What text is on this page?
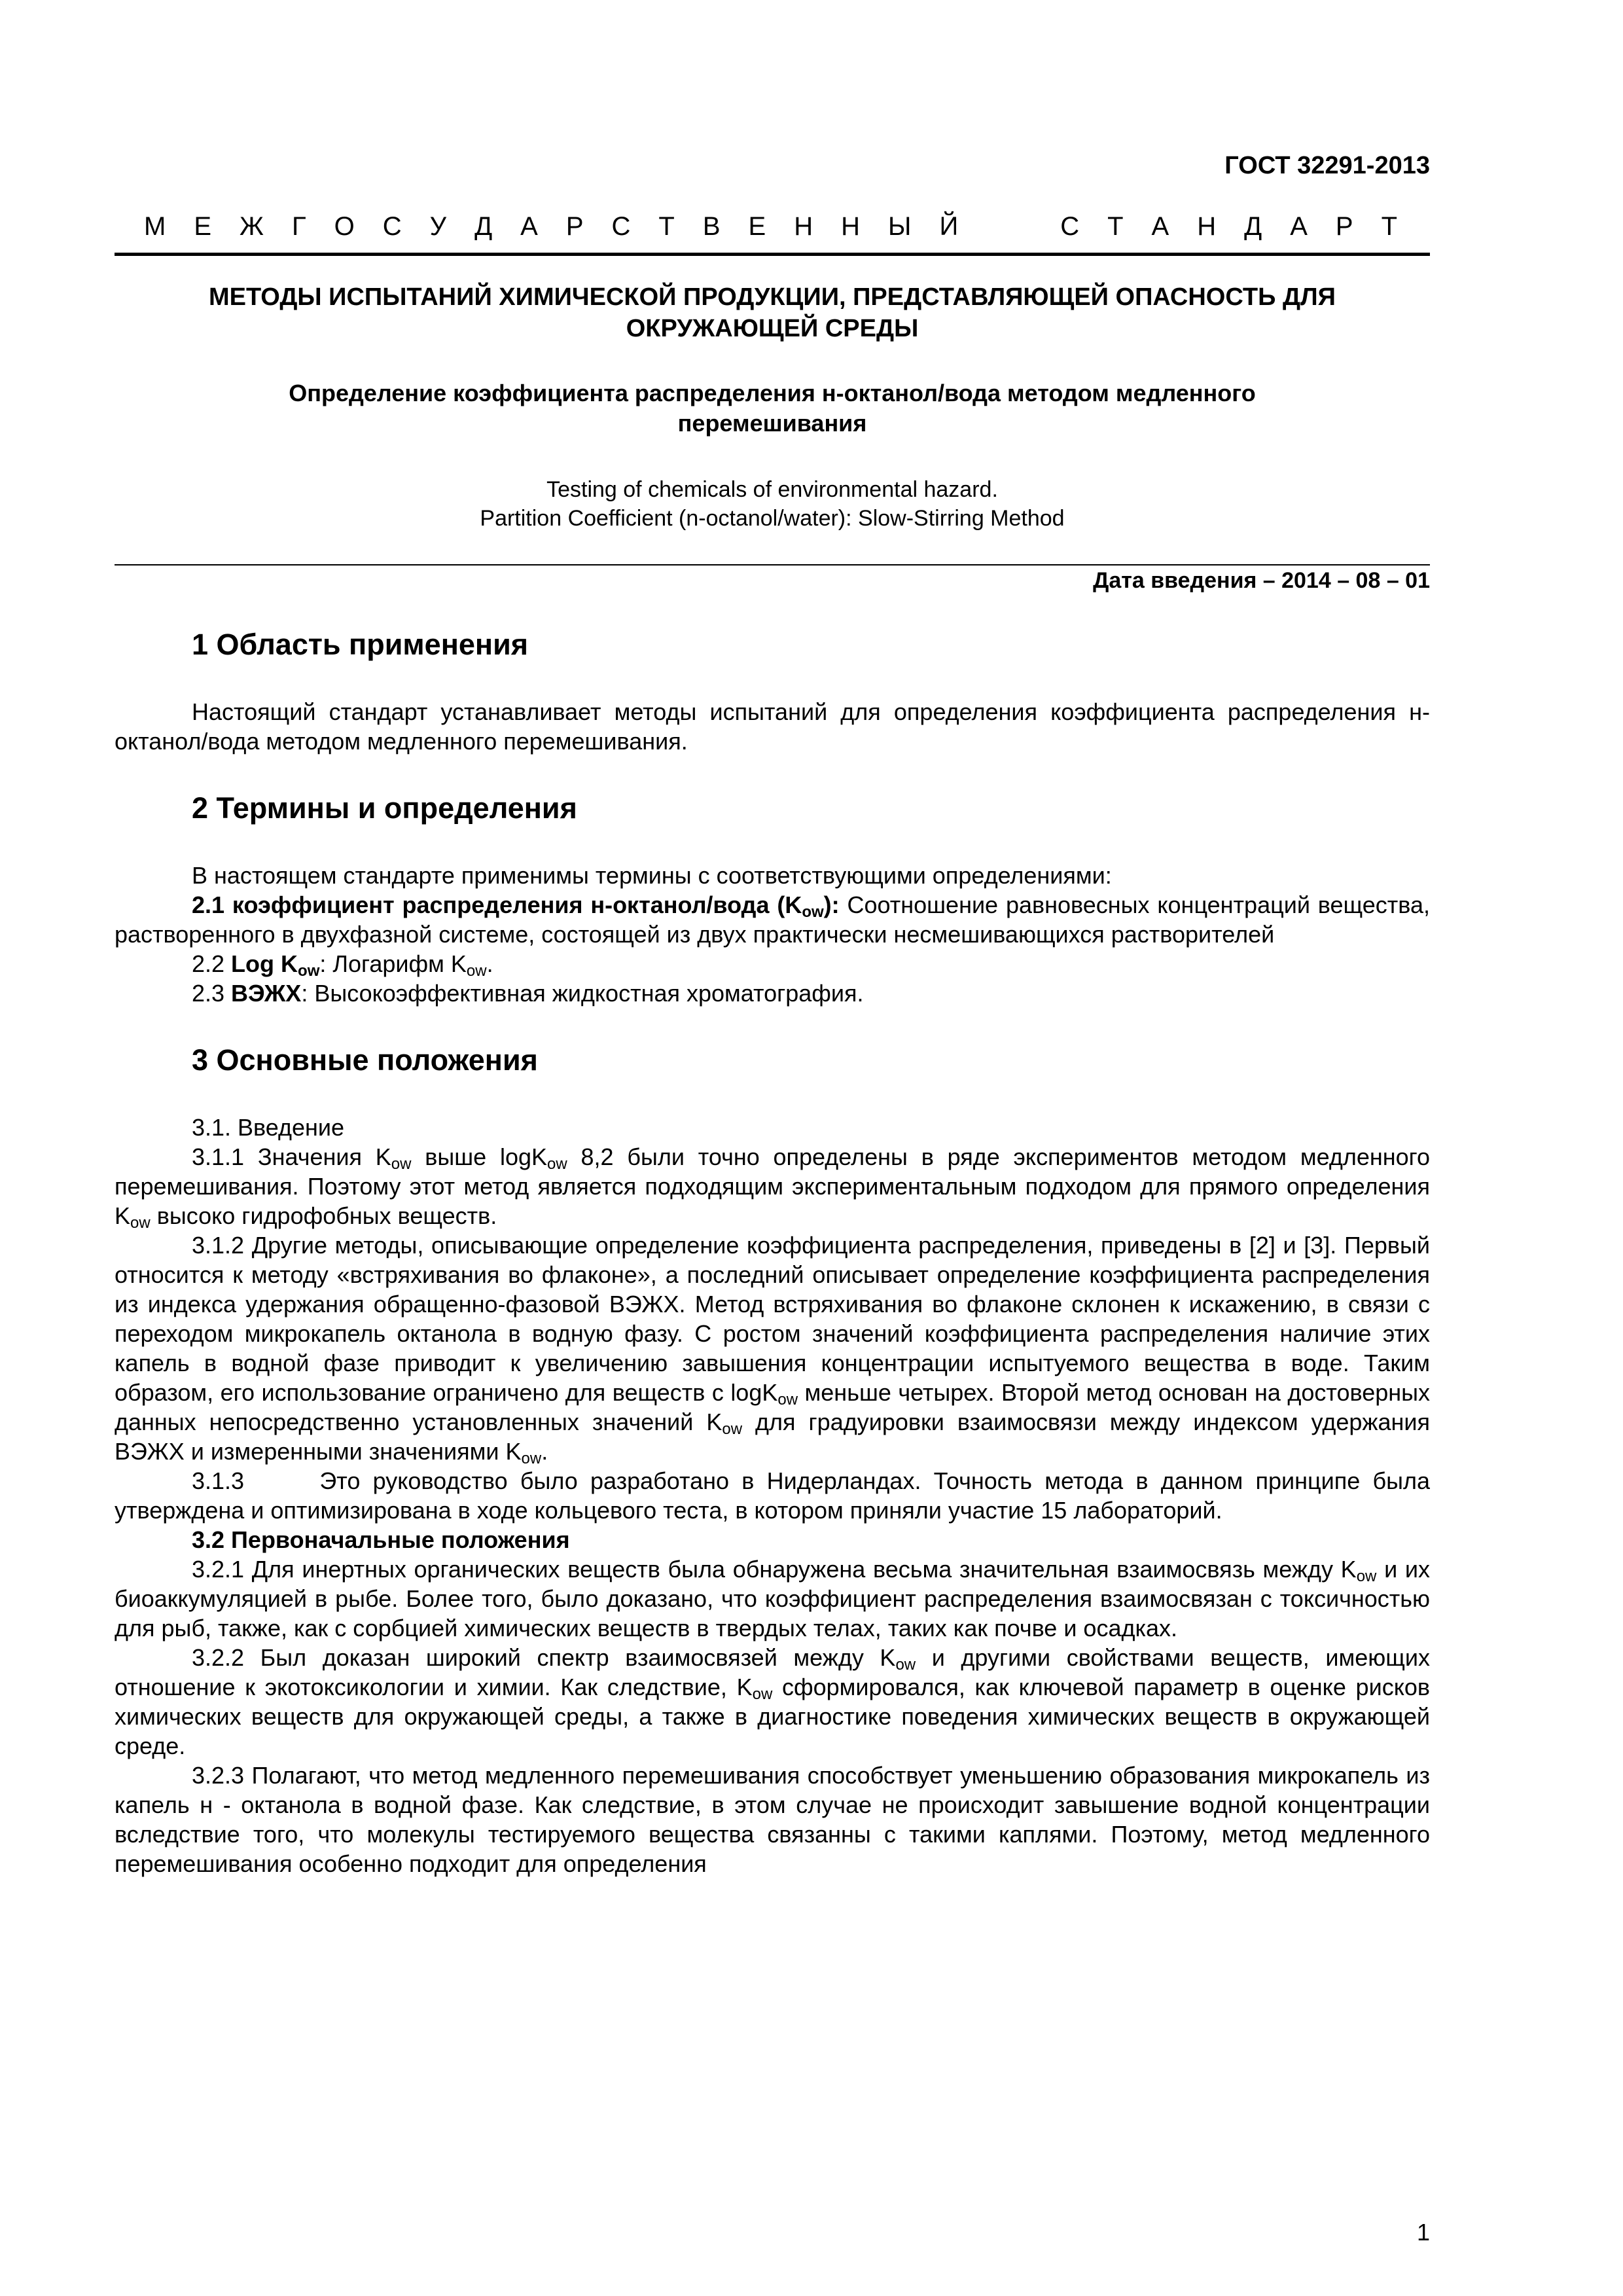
ГОСТ 32291-2013
М Е Ж Г О С У Д А Р С Т В Е Н Н Ы Й	С Т А Н Д А Р Т
МЕТОДЫ ИСПЫТАНИЙ ХИМИЧЕСКОЙ ПРОДУКЦИИ, ПРЕДСТАВЛЯЮЩЕЙ ОПАСНОСТЬ ДЛЯ
ОКРУЖАЮЩЕЙ СРЕДЫ
Определение коэффициента распределения н-октанол/вода методом медленного
перемешивания
Testing of chemicals of environmental hazard.
Partition Coefficient (n-octanol/water): Slow-Stirring Method
Дата введения – 2014 – 08 – 01
1 Область применения

Настоящий стандарт устанавливает методы испытаний для определения коэффициента распределения н-октанол/вода методом медленного перемешивания.

2 Термины и определения

В настоящем стандарте применимы термины с соответствующими определениями:

2.1 коэффициент распределения н-октанол/вода $(K_{ow})$: Соотношение равновесных концентраций вещества, растворенного в двухфазной системе, состоящей из двух практически несмешивающихся растворителей

2.2 Log $K_{ow}$: Логарифм $K_{ow}$.

2.3 ВЭЖХ: Высокоэффективная жидкостная хроматография.

3 Основные положения

3.1. Введение

3.1.1 Значения $K_{ow}$ выше logK$_{ow}$ 8,2 были точно определены в ряде экспериментов методом медленного перемешивания. Поэтому этот метод является подходящим экспериментальным подходом для прямого определения $K_{ow}$ высоко гидрофобных веществ.

3.1.2 Другие методы, описывающие определение коэффициента распределения, приведены в [2] и [3]. Первый относится к методу «встряхивания во флаконе», а последний описывает определение коэффициента распределения из индекса удержания обращенно-фазовой ВЭЖХ. Метод встряхивания во флаконе склонен к искажению, в связи с переходом микрокапель октанола в водную фазу. С ростом значений коэффициента распределения наличие этих капель в водной фазе приводит к увеличению завышения концентрации испытуемого вещества в воде. Таким образом, его использование ограничено для веществ с logK$_{ow}$ меньше четырех. Второй метод основан на достоверных данных непосредственно установленных значений $K_{ow}$ для градуировки взаимосвязи между индексом удержания ВЭЖХ и измеренными значениями $K_{ow}$.

3.1.3      Это руководство было разработано в Нидерландах. Точность метода в данном принципе была утверждена и оптимизирована в ходе кольцевого теста, в котором приняли участие 15 лабораторий.

3.2 Первоначальные положения

3.2.1 Для инертных органических веществ была обнаружена весьма значительная взаимосвязь между $K_{ow}$ и их биоаккумуляцией в рыбе. Более того, было доказано, что коэффициент распределения взаимосвязан с токсичностью для рыб, также, как с сорбцией химических веществ в твердых телах, таких как почве и осадках.

3.2.2 Был доказан широкий спектр взаимосвязей между $K_{ow}$ и другими свойствами веществ, имеющих отношение к экотоксикологии и химии. Как следствие, $K_{ow}$ сформировался, как ключевой параметр в оценке рисков химических веществ для окружающей среды, а также в диагностике поведения химических веществ в окружающей среде.

3.2.3 Полагают, что метод медленного перемешивания способствует уменьшению образования микрокапель из капель н - октанола в водной фазе. Как следствие, в этом случае не происходит завышение водной концентрации вследствие того, что молекулы тестируемого вещества связанны с такими каплями. Поэтому, метод медленного перемешивания особенно подходит для определения

1
